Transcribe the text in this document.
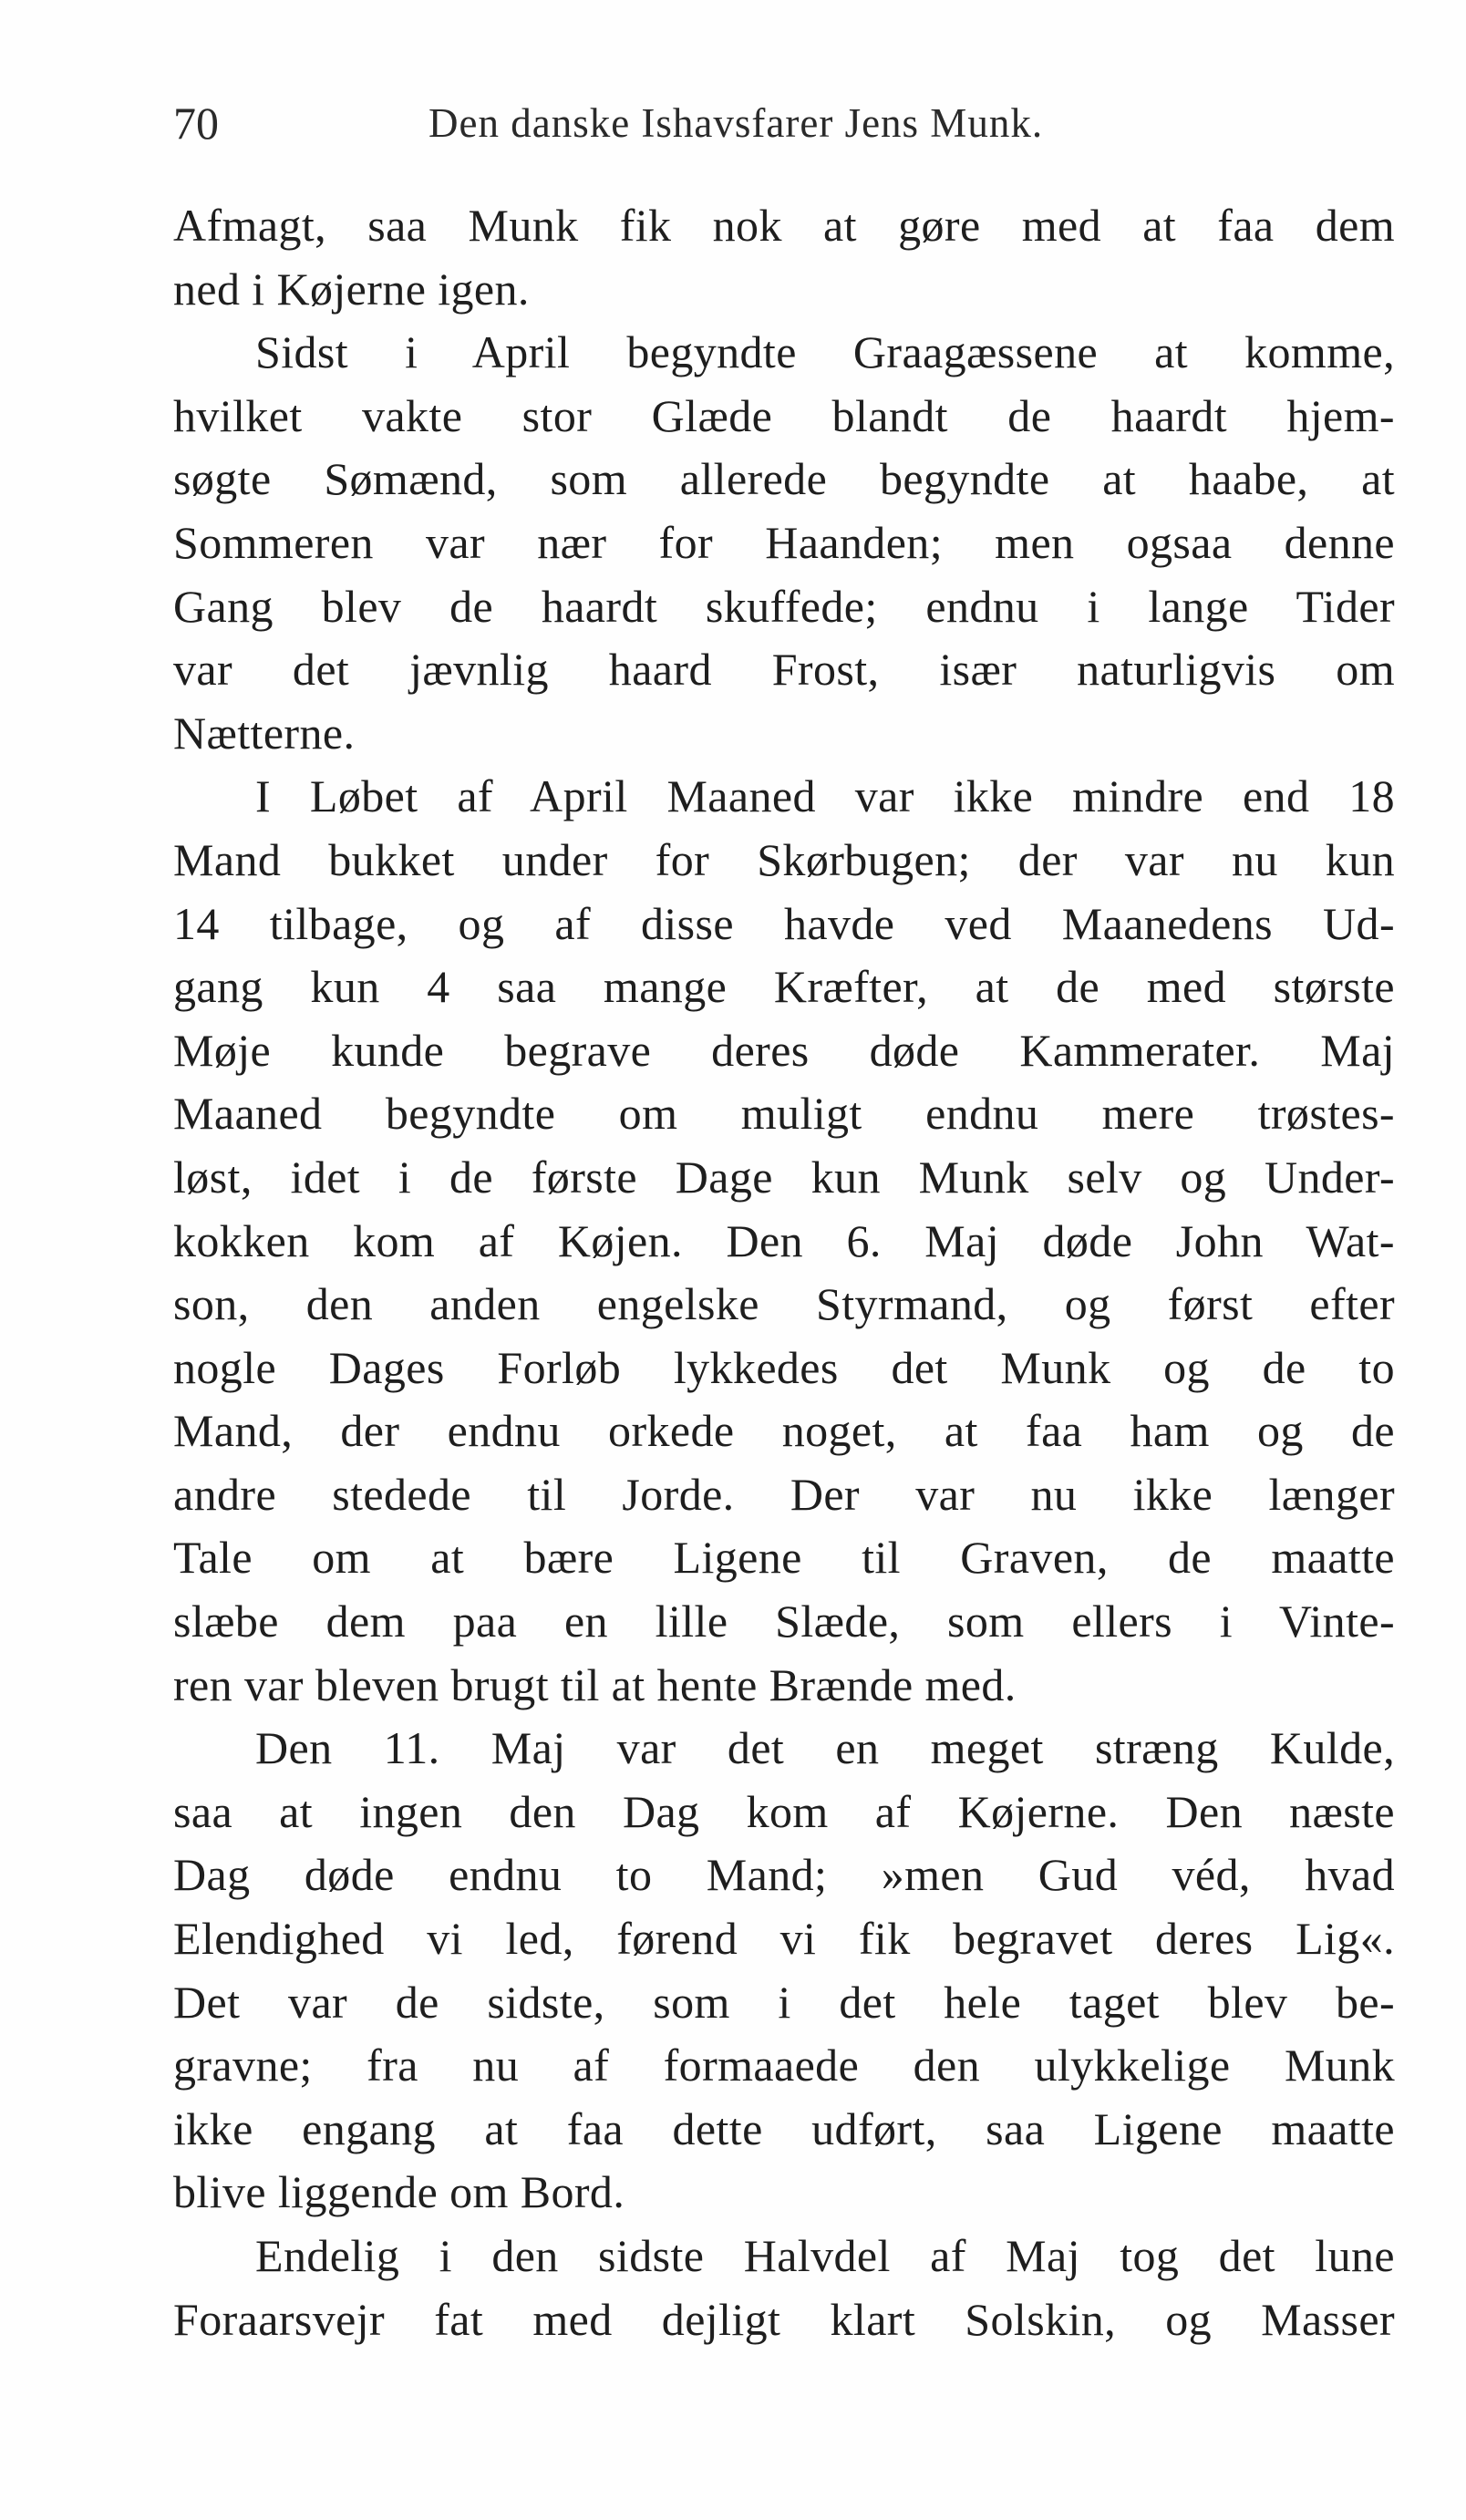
70	Den danske Ishavsfarer Jens Munk.
Afmagt, saa Munk fik nok at gøre med at faa dem
ned i Køjerne igen.
Sidst i April begyndte Graagæssene at komme,
hvilket vakte stor Glæde blandt de haardt hjem-
søgte Sømænd, som allerede begyndte at haabe, at
Sommeren var nær for Haanden; men ogsaa denne
Gang blev de haardt skuffede; endnu i lange Tider
var det jævnlig haard Frost, især naturligvis om
Nætterne.
I Løbet af April Maaned var ikke mindre end 18
Mand bukket under for Skørbugen; der var nu kun
14 tilbage, og af disse havde ved Maanedens Ud-
gang kun 4 saa mange Kræfter, at de med største
Møje kunde begrave deres døde Kammerater. Maj
Maaned begyndte om muligt endnu mere trøstes-
løst, idet i de første Dage kun Munk selv og Under-
kokken kom af Køjen. Den 6. Maj døde John Wat-
son, den anden engelske Styrmand, og først efter
nogle Dages Forløb lykkedes det Munk og de to
Mand, der endnu orkede noget, at faa ham og de
andre stedede til Jorde. Der var nu ikke længer
Tale om at bære Ligene til Graven, de maatte
slæbe dem paa en lille Slæde, som ellers i Vinte-
ren var bleven brugt til at hente Brænde med.
Den 11. Maj var det en meget stræng Kulde,
saa at ingen den Dag kom af Køjerne. Den næste
Dag døde endnu to Mand; »men Gud véd, hvad
Elendighed vi led, førend vi fik begravet deres Lig«.
Det var de sidste, som i det hele taget blev be-
gravne; fra nu af formaaede den ulykkelige Munk
ikke engang at faa dette udført, saa Ligene maatte
blive liggende om Bord.
Endelig i den sidste Halvdel af Maj tog det lune
Foraarsvejr fat med dejligt klart Solskin, og Masser
